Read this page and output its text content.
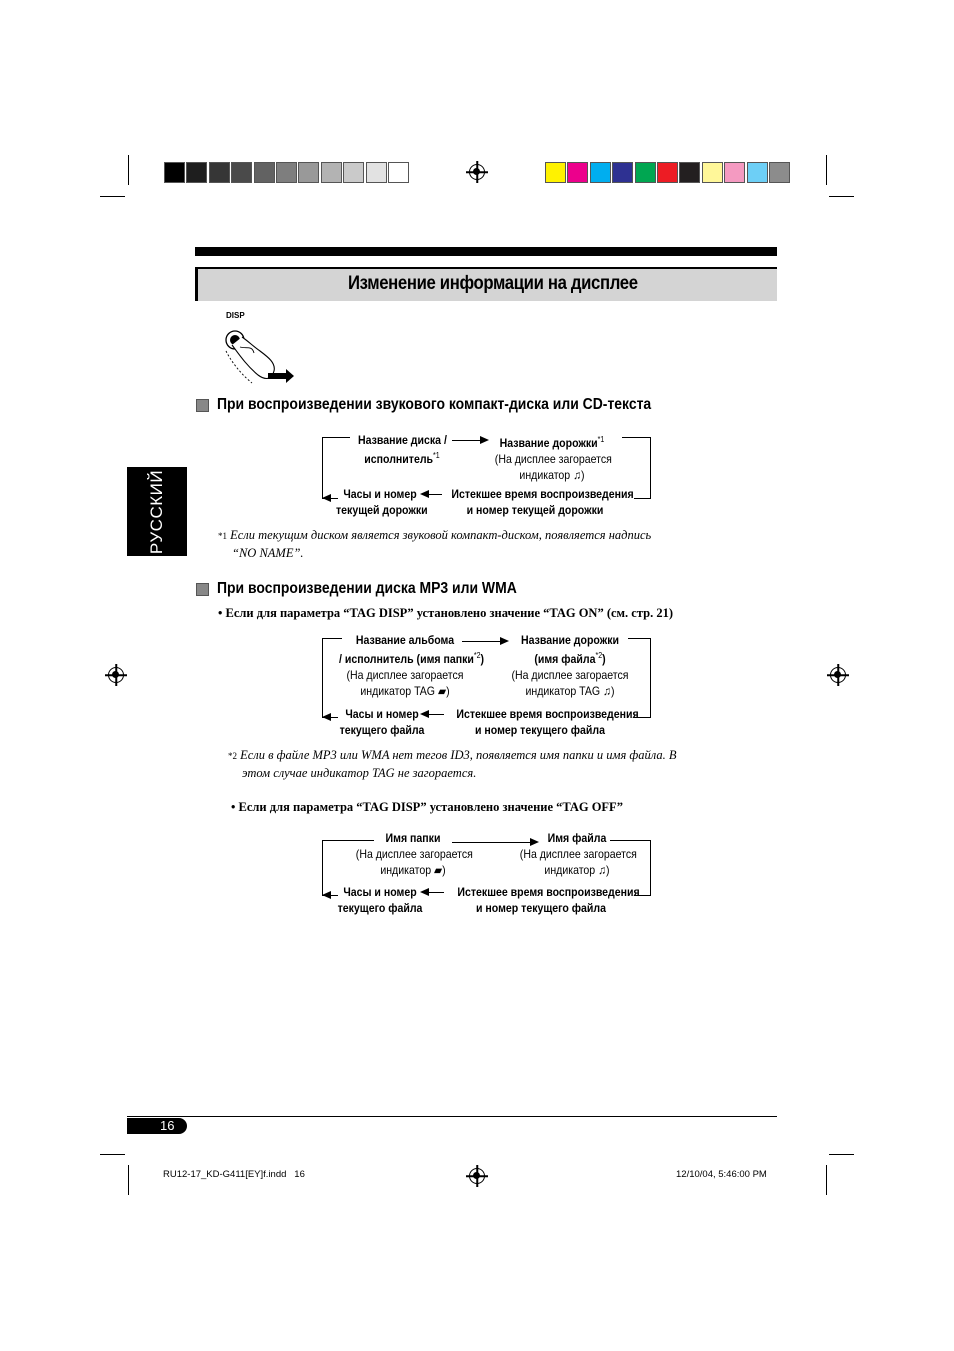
Изменение информации на дисплее
DISP
РУССКИЙ
При воспроизведении звукового компакт-диска или CD-текста
Название диска /
исполнитель$^{*1}$
Название дорожки$^{*1}$
(На дисплее загорается
индикатор ♫)
Часы и номер
текущей дорожки
Истекшее время воспроизведения
и номер текущей дорожки
*1 Если текущим диском является звуковой компакт-диском, появляется надпись
“NO NAME”.
При воспроизведении диска MP3 или WMA
• Если для параметра “TAG DISP” установлено значение “TAG ON” (см. стр. 21)
Название альбома
/ исполнитель (имя папки$^{*2}$)
(На дисплее загорается
индикатор TAG ▰)
Название дорожки
(имя файла$^{*2}$)
(На дисплее загорается
индикатор TAG ♫)
Часы и номер
текущего файла
Истекшее время воспроизведения
и номер текущего файла
*2 Если в файле MP3 или WMA нет тегов ID3, появляется имя папки и имя файла. В
этом случае индикатор TAG не загорается.
• Если для параметра “TAG DISP” установлено значение “TAG OFF”
Имя папки
(На дисплее загорается
индикатор ▰)
Имя файла
(На дисплее загорается
индикатор ♫)
Часы и номер
текущего файла
Истекшее время воспроизведения
и номер текущего файла
16
RU12-17_KD-G411[EY]f.indd   16	12/10/04, 5:46:00 PM
